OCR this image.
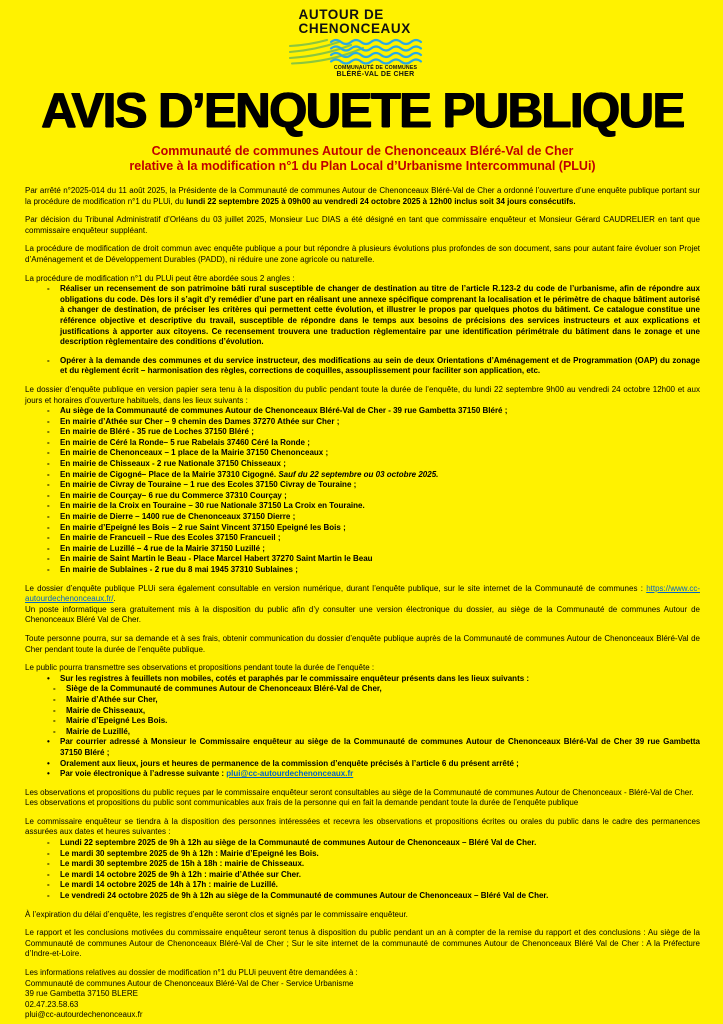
AUTOUR DE
CHENONCEAUX
COMMUNAUTÉ DE COMMUNES
BLÉRÉ-VAL DE CHER
AVIS D’ENQUETE PUBLIQUE
Communauté de communes Autour de Chenonceaux Bléré-Val de Cher
relative à la modification n°1 du Plan Local d’Urbanisme Intercommunal (PLUi)

Par arrêté n°2025-014 du 11 août 2025, la Présidente de la Communauté de communes Autour de Chenonceaux Bléré-Val de Cher a ordonné l’ouverture d’une enquête publique portant sur la procédure de modification n°1 du PLUi, du lundi 22 septembre 2025 à 09h00 au vendredi 24 octobre 2025 à 12h00 inclus soit 34 jours consécutifs.

Par décision du Tribunal Administratif d’Orléans du 03 juillet 2025, Monsieur Luc DIAS a été désigné en tant que commissaire enquêteur et Monsieur Gérard CAUDRELIER en tant que commissaire enquêteur suppléant.

La procédure de modification de droit commun avec enquête publique a pour but répondre à plusieurs évolutions plus profondes de son document, sans pour autant faire évoluer son Projet d’Aménagement et de Développement Durables (PADD), ni réduire une zone agricole ou naturelle.

La procédure de modification n°1 du PLUi peut être abordée sous 2 angles :

- Réaliser un recensement de son patrimoine bâti rural susceptible de changer de destination au titre de l’article R.123-2 du code de l’urbanisme, afin de répondre aux obligations du code. Dès lors il s’agit d’y remédier d’une part en réalisant une annexe spécifique comprenant la localisation et le périmètre de chaque bâtiment autorisé à changer de destination, de préciser les critères qui permettent cette évolution, et illustrer le propos par quelques photos du bâtiment. Ce catalogue constitue une référence objective et descriptive du travail, susceptible de répondre dans le temps aux besoins de précisions des services instructeurs et aux explications et justifications à apporter aux citoyens. Ce recensement trouvera une traduction règlementaire par une identification périmétrale du bâtiment dans le zonage et une description règlementaire des conditions d’évolution.
- Opérer à la demande des communes et du service instructeur, des modifications au sein de deux Orientations d’Aménagement et de Programmation (OAP) du zonage et du règlement écrit – harmonisation des règles, corrections de coquilles, assouplissement pour faciliter son application, etc.

Le dossier d’enquête publique en version papier sera tenu à la disposition du public pendant toute la durée de l’enquête, du lundi 22 septembre 9h00 au vendredi 24 octobre 12h00 et aux jours et horaires d’ouverture habituels, dans les lieux suivants :

- Au siège de la Communauté de communes Autour de Chenonceaux Bléré-Val de Cher - 39 rue Gambetta 37150 Bléré ;
- En mairie d’Athée sur Cher – 9 chemin des Dames 37270 Athée sur Cher ;
- En mairie de Bléré - 35 rue de Loches 37150 Bléré ;
- En mairie de Céré la Ronde– 5 rue Rabelais 37460 Céré la Ronde ;
- En mairie de Chenonceaux – 1 place de la Mairie 37150 Chenonceaux ;
- En mairie de Chisseaux - 2 rue Nationale 37150 Chisseaux ;
- En mairie de Cigogné– Place de la Mairie 37310 Cigogné. Sauf du 22 septembre ou 03 octobre 2025.
- En mairie de Civray de Touraine – 1 rue des Ecoles 37150 Civray de Touraine ;
- En mairie de Courçay– 6 rue du Commerce 37310 Courçay ;
- En mairie de la Croix en Touraine – 30 rue Nationale 37150 La Croix en Touraine.
- En mairie de Dierre – 1400 rue de Chenonceaux 37150 Dierre ;
- En mairie d’Epeigné les Bois – 2 rue Saint Vincent 37150 Epeigné les Bois ;
- En mairie de Francueil – Rue des Ecoles 37150 Francueil ;
- En mairie de Luzillé – 4 rue de la Mairie 37150 Luzillé ;
- En mairie de Saint Martin le Beau - Place Marcel Habert 37270 Saint Martin le Beau
- En mairie de Sublaines - 2 rue du 8 mai 1945 37310 Sublaines ;

Le dossier d’enquête publique PLUi sera également consultable en version numérique, durant l’enquête publique, sur le site internet de la Communauté de communes : https://www.cc-autourdechenonceaux.fr/.

Un poste informatique sera gratuitement mis à la disposition du public afin d’y consulter une version électronique du dossier, au siège de la Communauté de communes Autour de Chenonceaux Bléré Val de Cher.

Toute personne pourra, sur sa demande et à ses frais, obtenir communication du dossier d’enquête publique auprès de la Communauté de communes Autour de Chenonceaux Bléré-Val de Cher pendant toute la durée de l’enquête publique.

Le public pourra transmettre ses observations et propositions pendant toute la durée de l’enquête :

• Sur les registres à feuillets non mobiles, cotés et paraphés par le commissaire enquêteur présents dans les lieux suivants :
- Siège de la Communauté de communes Autour de Chenonceaux Bléré-Val de Cher,
- Mairie d’Athée sur Cher,
- Mairie de Chisseaux,
- Mairie d’Epeigné Les Bois.
- Mairie de Luzillé,
• Par courrier adressé à Monsieur le Commissaire enquêteur au siège de la Communauté de communes Autour de Chenonceaux Bléré-Val de Cher 39 rue Gambetta 37150 Bléré ;
• Oralement aux lieux, jours et heures de permanence de la commission d’enquête précisés à l’article 6 du présent arrêté ;
• Par voie électronique à l’adresse suivante : plui@cc-autourdechenonceaux.fr

Les observations et propositions du public reçues par le commissaire enquêteur seront consultables au siège de la Communauté de communes Autour de Chenonceaux - Bléré-Val de Cher.

Les observations et propositions du public sont communicables aux frais de la personne qui en fait la demande pendant toute la durée de l’enquête publique

Le commissaire enquêteur se tiendra à la disposition des personnes intéressées et recevra les observations et propositions écrites ou orales du public dans le cadre des permanences assurées aux dates et heures suivantes :

- Lundi 22 septembre 2025 de 9h à 12h au siège de la Communauté de communes Autour de Chenonceaux – Bléré Val de Cher.
- Le mardi 30 septembre 2025 de 9h à 12h : Mairie d’Epeigné les Bois.
- Le mardi 30 septembre 2025 de 15h à 18h : mairie de Chisseaux.
- Le mardi 14 octobre 2025 de 9h à 12h : mairie d’Athée sur Cher.
- Le mardi 14 octobre 2025 de 14h à 17h : mairie de Luzillé.
- Le vendredi 24 octobre 2025 de 9h à 12h au siège de la Communauté de communes Autour de Chenonceaux – Bléré Val de Cher.

À l’expiration du délai d’enquête, les registres d’enquête seront clos et signés par le commissaire enquêteur.

Le rapport et les conclusions motivées du commissaire enquêteur seront tenus à disposition du public pendant un an à compter de la remise du rapport et des conclusions : Au siège de la Communauté de communes Autour de Chenonceaux Bléré-Val de Cher ; Sur le site internet de la communauté de communes Autour de Chenonceaux Bléré Val de Cher : A la Préfecture d’Indre-et-Loire.

Les informations relatives au dossier de modification n°1 du PLUi peuvent être demandées à :

Communauté de communes Autour de Chenonceaux Bléré-Val de Cher - Service Urbanisme

39 rue Gambetta 37150 BLERE

02.47.23.58.63

plui@cc-autourdechenonceaux.fr
